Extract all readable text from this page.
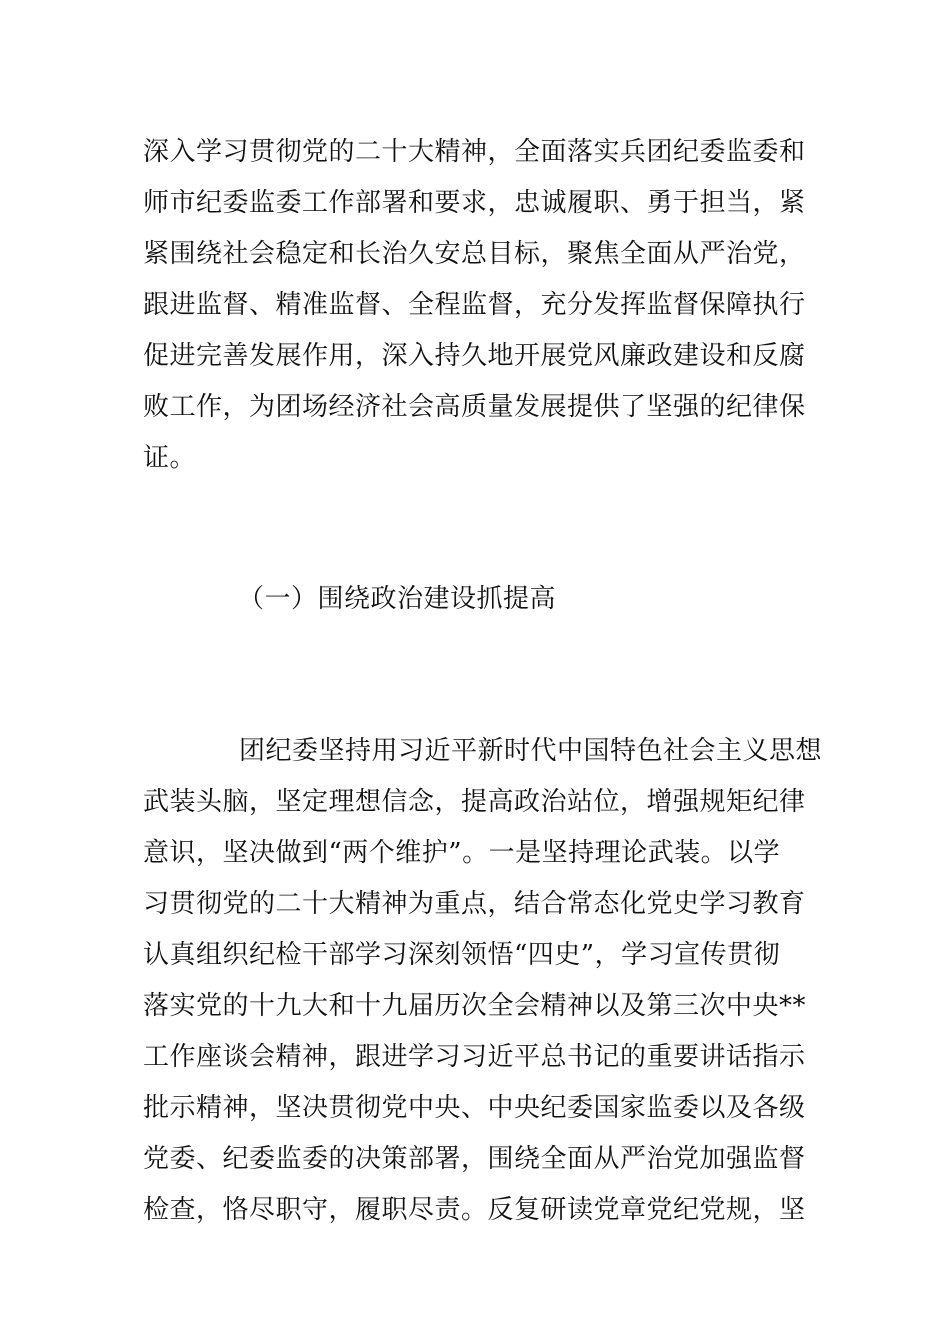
深入学习贯彻党的二十大精神，全面落实兵团纪委监委和
师市纪委监委工作部署和要求，忠诚履职、勇于担当，紧
紧围绕社会稳定和长治久安总目标，聚焦全面从严治党，
跟进监督、精准监督、全程监督，充分发挥监督保障执行
促进完善发展作用，深入持久地开展党风廉政建设和反腐
败工作，为团场经济社会高质量发展提供了坚强的纪律保
证。
（一）围绕政治建设抓提高
团纪委坚持用习近平新时代中国特色社会主义思想
武装头脑，坚定理想信念，提高政治站位，增强规矩纪律
意识，坚决做到“两个维护”。一是坚持理论武装。以学
习贯彻党的二十大精神为重点，结合常态化党史学习教育
认真组织纪检干部学习深刻领悟“四史”，学习宣传贯彻
落实党的十九大和十九届历次全会精神以及第三次中央**
工作座谈会精神，跟进学习习近平总书记的重要讲话指示
批示精神，坚决贯彻党中央、中央纪委国家监委以及各级
党委、纪委监委的决策部署，围绕全面从严治党加强监督
检查，恪尽职守，履职尽责。反复研读党章党纪党规，坚
